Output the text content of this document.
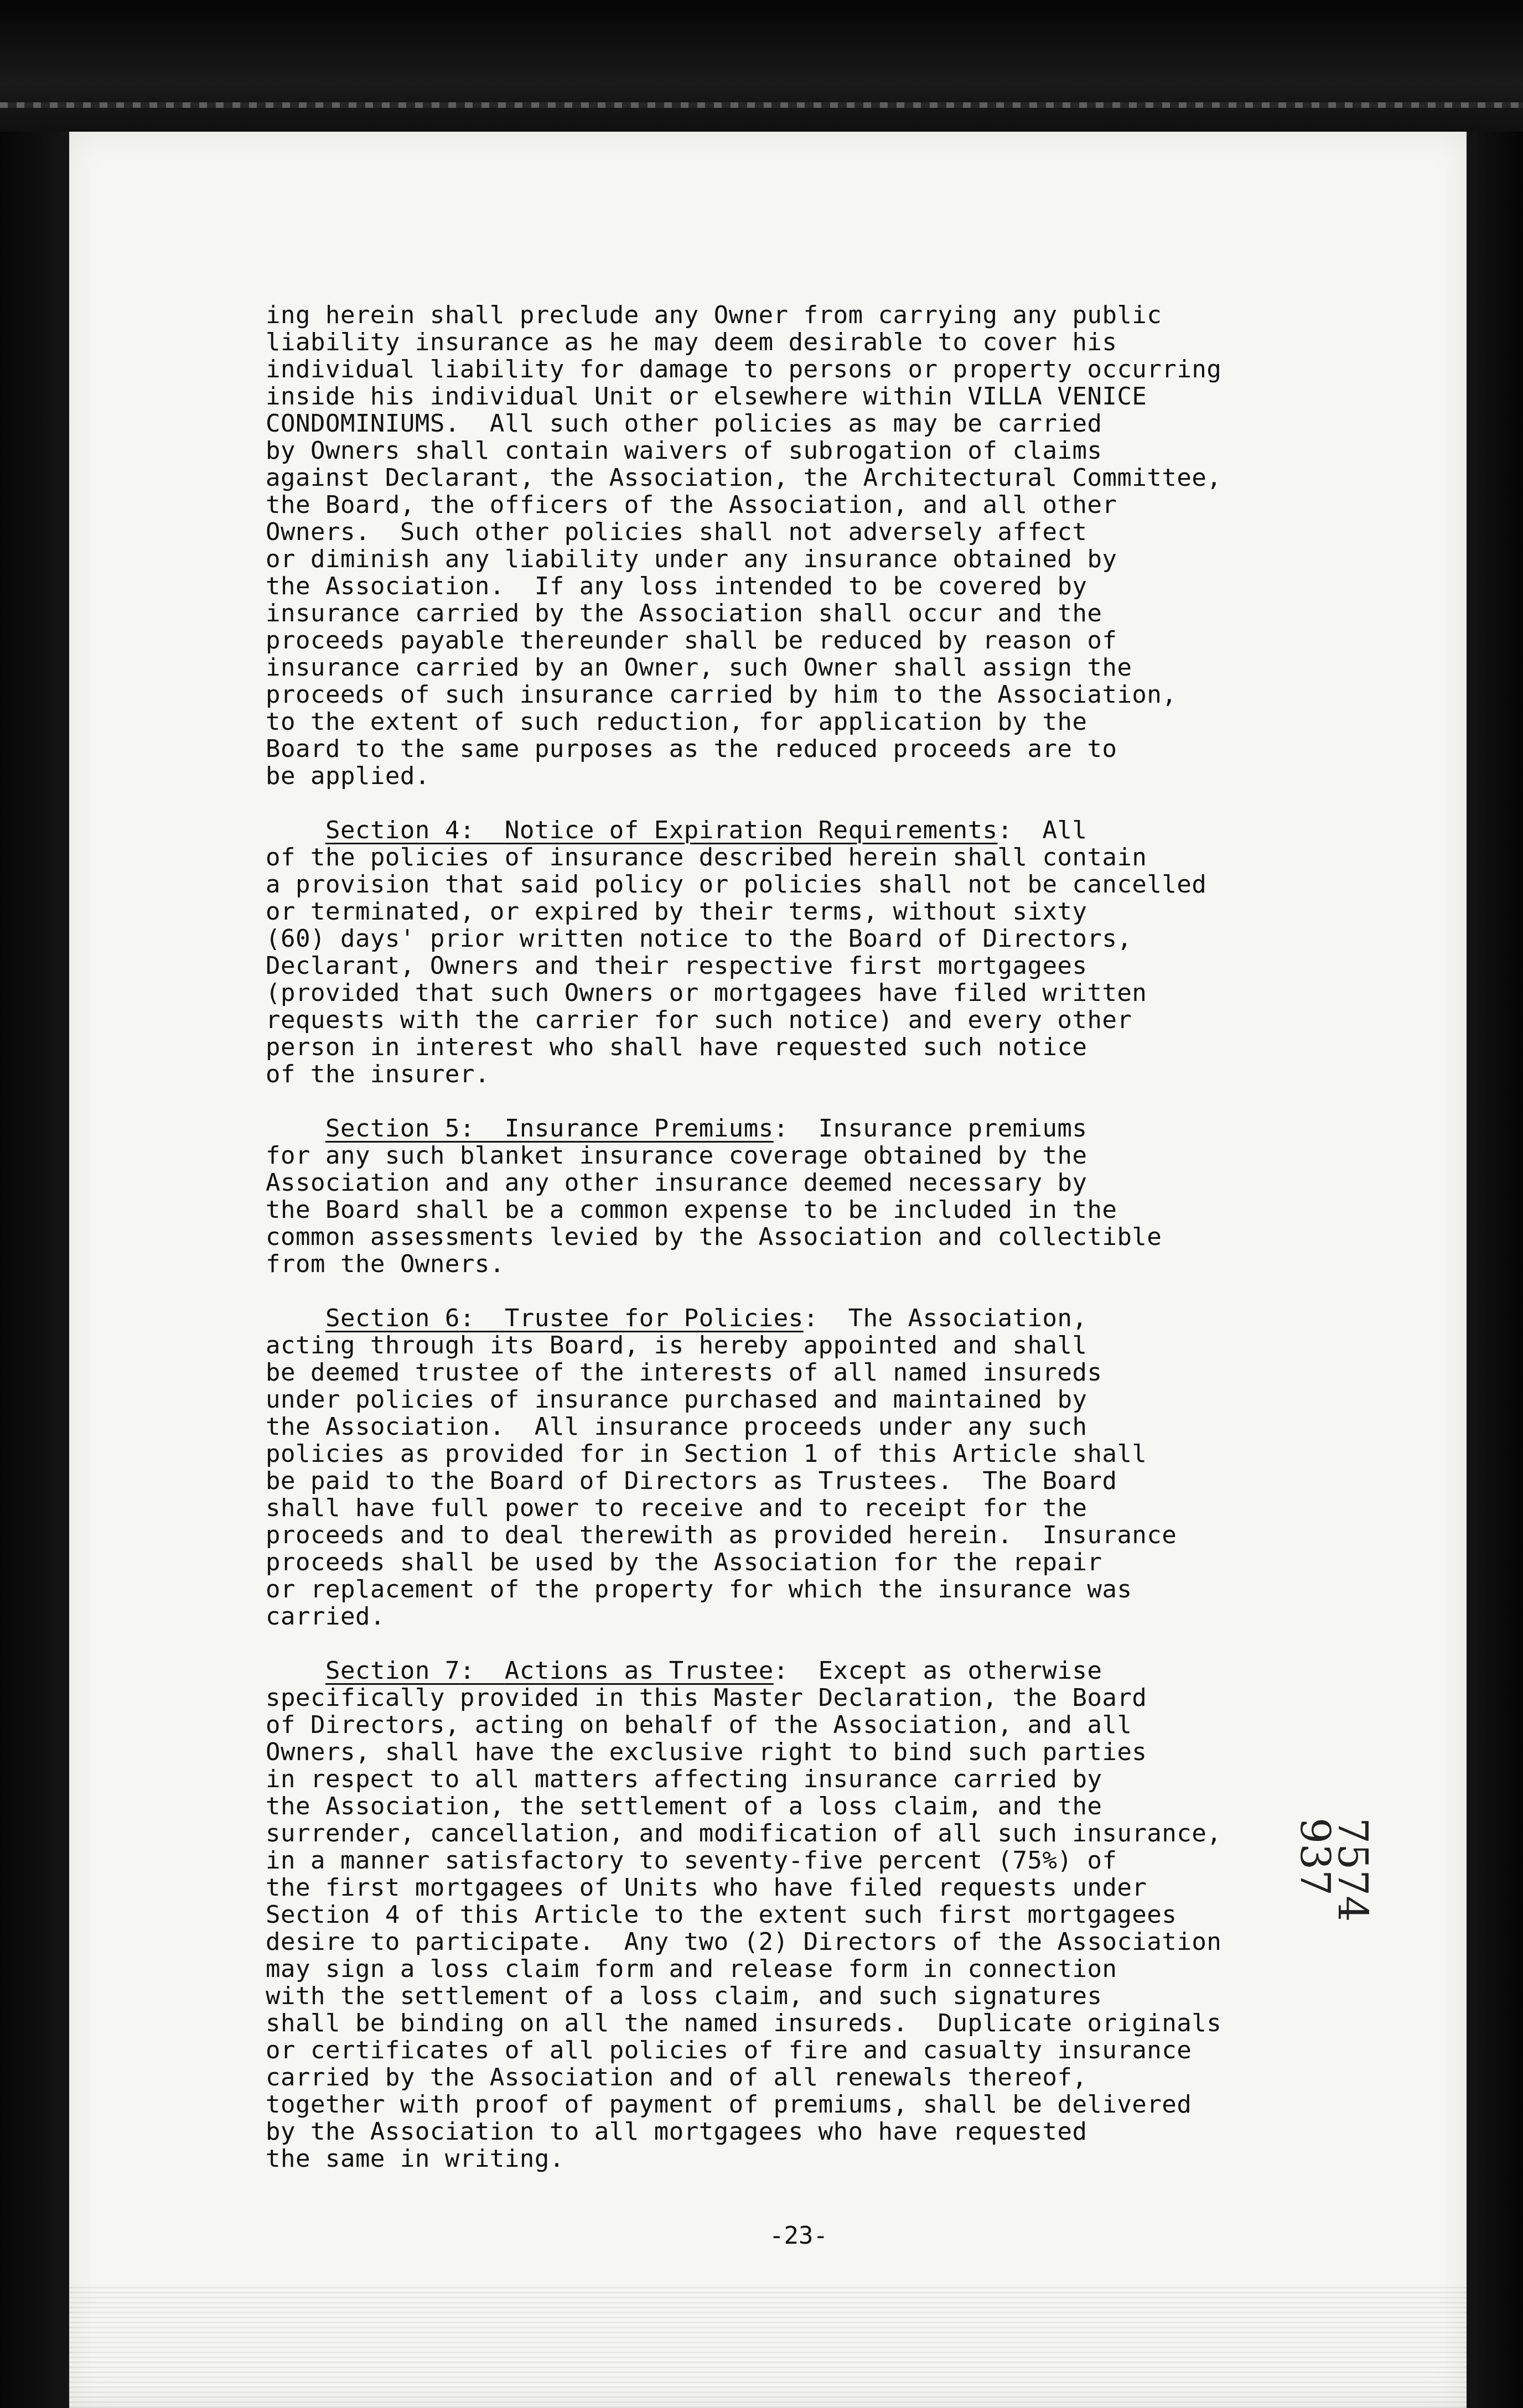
ing herein shall preclude any Owner from carrying any public
liability insurance as he may deem desirable to cover his
individual liability for damage to persons or property occurring
inside his individual Unit or elsewhere within VILLA VENICE
CONDOMINIUMS.  All such other policies as may be carried
by Owners shall contain waivers of subrogation of claims
against Declarant, the Association, the Architectural Committee,
the Board, the officers of the Association, and all other
Owners.  Such other policies shall not adversely affect
or diminish any liability under any insurance obtained by
the Association.  If any loss intended to be covered by
insurance carried by the Association shall occur and the
proceeds payable thereunder shall be reduced by reason of
insurance carried by an Owner, such Owner shall assign the
proceeds of such insurance carried by him to the Association,
to the extent of such reduction, for application by the
Board to the same purposes as the reduced proceeds are to
be applied.
Section 4:  Notice of Expiration Requirements:  All
of the policies of insurance described herein shall contain
a provision that said policy or policies shall not be cancelled
or terminated, or expired by their terms, without sixty
(60) days' prior written notice to the Board of Directors,
Declarant, Owners and their respective first mortgagees
(provided that such Owners or mortgagees have filed written
requests with the carrier for such notice) and every other
person in interest who shall have requested such notice
of the insurer.
Section 5:  Insurance Premiums:  Insurance premiums
for any such blanket insurance coverage obtained by the
Association and any other insurance deemed necessary by
the Board shall be a common expense to be included in the
common assessments levied by the Association and collectible
from the Owners.
Section 6:  Trustee for Policies:  The Association,
acting through its Board, is hereby appointed and shall
be deemed trustee of the interests of all named insureds
under policies of insurance purchased and maintained by
the Association.  All insurance proceeds under any such
policies as provided for in Section 1 of this Article shall
be paid to the Board of Directors as Trustees.  The Board
shall have full power to receive and to receipt for the
proceeds and to deal therewith as provided herein.  Insurance
proceeds shall be used by the Association for the repair
or replacement of the property for which the insurance was
carried.
Section 7:  Actions as Trustee:  Except as otherwise
specifically provided in this Master Declaration, the Board
of Directors, acting on behalf of the Association, and all
Owners, shall have the exclusive right to bind such parties
in respect to all matters affecting insurance carried by
the Association, the settlement of a loss claim, and the
surrender, cancellation, and modification of all such insurance,
in a manner satisfactory to seventy-five percent (75%) of
the first mortgagees of Units who have filed requests under
Section 4 of this Article to the extent such first mortgagees
desire to participate.  Any two (2) Directors of the Association
may sign a loss claim form and release form in connection
with the settlement of a loss claim, and such signatures
shall be binding on all the named insureds.  Duplicate originals
or certificates of all policies of fire and casualty insurance
carried by the Association and of all renewals thereof,
together with proof of payment of premiums, shall be delivered
by the Association to all mortgagees who have requested
the same in writing.
7574
937
-23-
